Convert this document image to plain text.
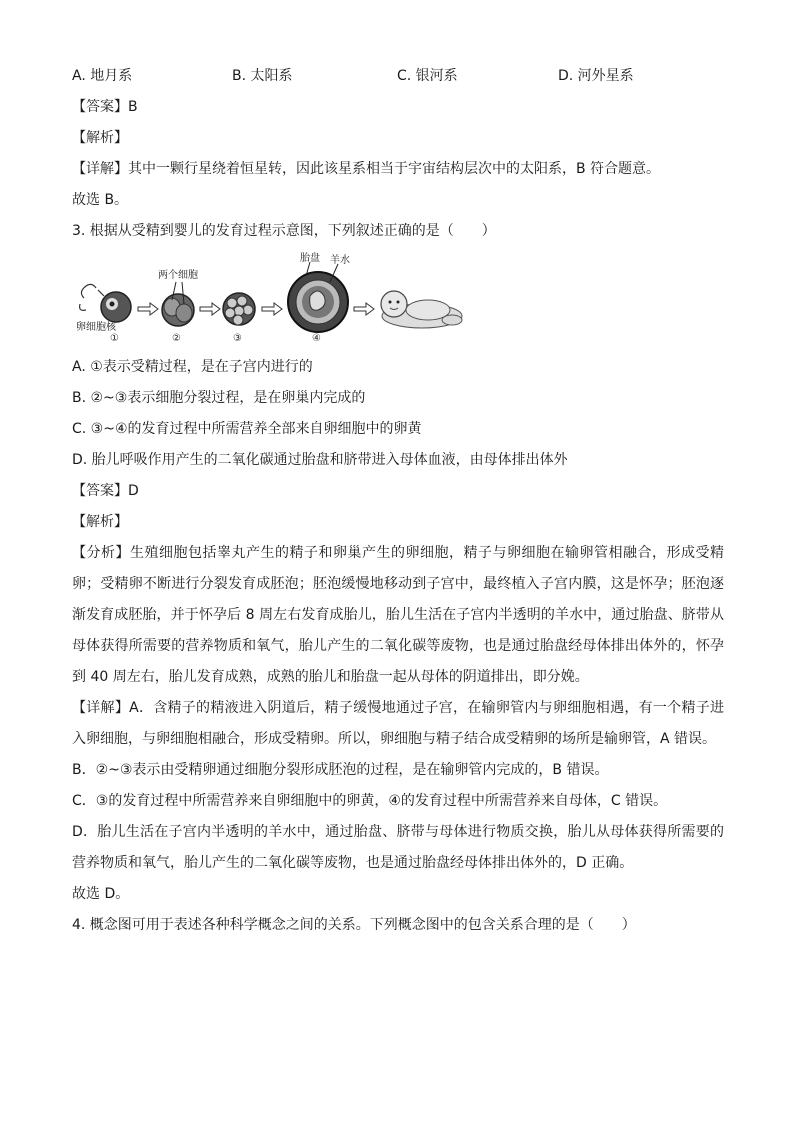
A. 地月系	B. 太阳系	C. 银河系	D. 河外星系
【答案】B
【解析】
【详解】其中一颗行星绕着恒星转，因此该星系相当于宇宙结构层次中的太阳系，B 符合题意。
故选 B。
3. 根据从受精到婴儿的发育过程示意图，下列叙述正确的是（　　）
卵细胞核
①
两个细胞
②	③
胎盘 羊水
④
A. ①表示受精过程，是在子宫内进行的
B. ②~③表示细胞分裂过程，是在卵巢内完成的
C. ③~④的发育过程中所需营养全部来自卵细胞中的卵黄
D. 胎儿呼吸作用产生的二氧化碳通过胎盘和脐带进入母体血液，由母体排出体外
【答案】D
【解析】
【分析】生殖细胞包括睾丸产生的精子和卵巢产生的卵细胞，精子与卵细胞在输卵管相融合，形成受精卵；受精卵不断进行分裂发育成胚泡；胚泡缓慢地移动到子宫中，最终植入子宫内膜，这是怀孕；胚泡逐渐发育成胚胎，并于怀孕后 8 周左右发育成胎儿，胎儿生活在子宫内半透明的羊水中，通过胎盘、脐带从母体获得所需要的营养物质和氧气，胎儿产生的二氧化碳等废物，也是通过胎盘经母体排出体外的，怀孕到 40 周左右，胎儿发育成熟，成熟的胎儿和胎盘一起从母体的阴道排出，即分娩。
【详解】A．含精子的精液进入阴道后，精子缓慢地通过子宫，在输卵管内与卵细胞相遇，有一个精子进入卵细胞，与卵细胞相融合，形成受精卵。所以，卵细胞与精子结合成受精卵的场所是输卵管，A 错误。
B．②~③表示由受精卵通过细胞分裂形成胚泡的过程，是在输卵管内完成的，B 错误。
C．③的发育过程中所需营养来自卵细胞中的卵黄，④的发育过程中所需营养来自母体，C 错误。
D．胎儿生活在子宫内半透明的羊水中，通过胎盘、脐带与母体进行物质交换，胎儿从母体获得所需要的营养物质和氧气，胎儿产生的二氧化碳等废物，也是通过胎盘经母体排出体外的，D 正确。
故选 D。
4. 概念图可用于表述各种科学概念之间的关系。下列概念图中的包含关系合理的是（　　）
